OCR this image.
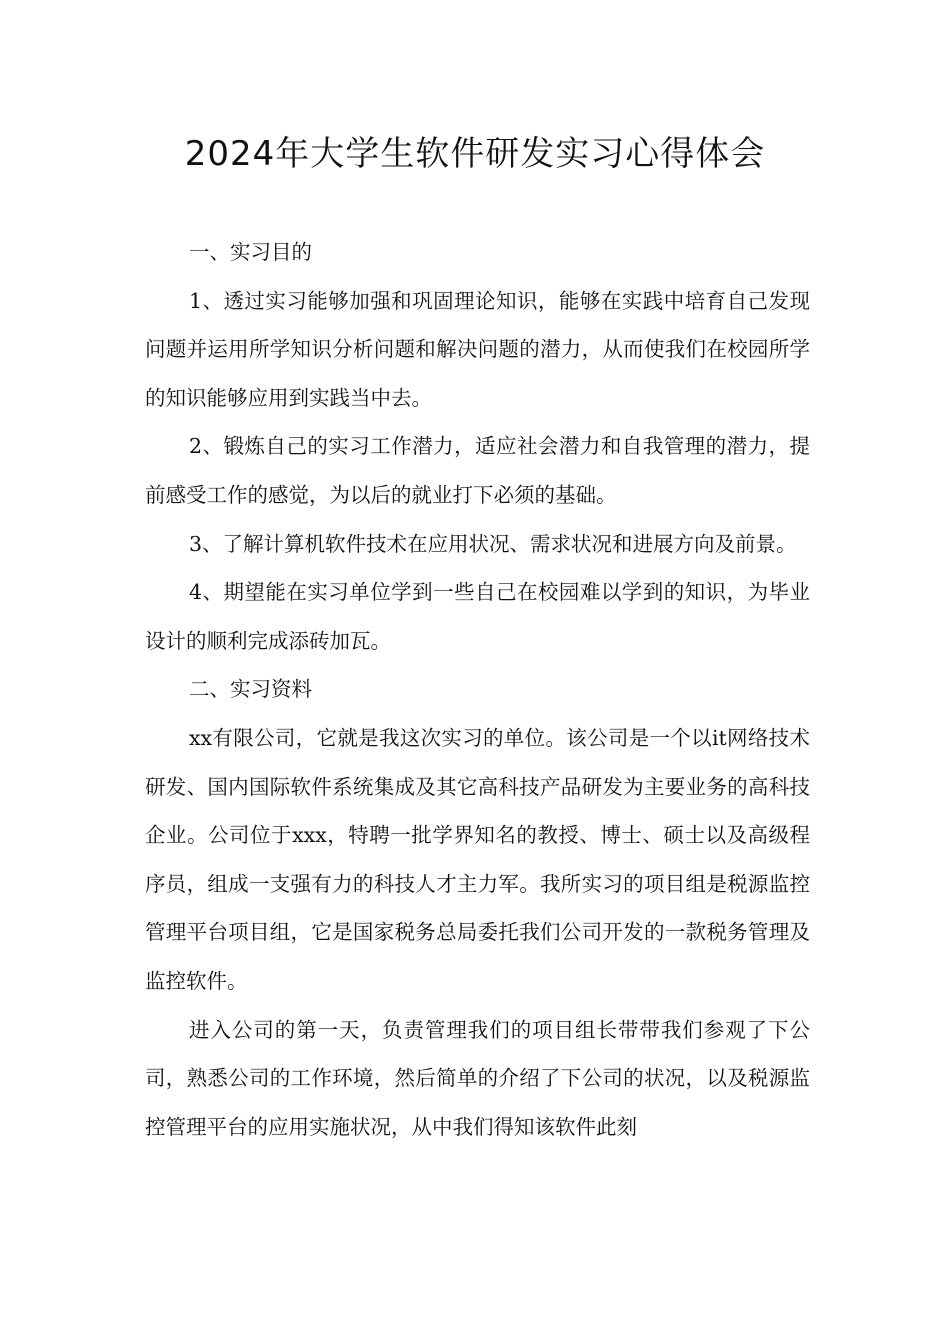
2024年大学生软件研发实习心得体会

一、实习目的

1、透过实习能够加强和巩固理论知识，能够在实践中培育自己发现问题并运用所学知识分析问题和解决问题的潜力，从而使我们在校园所学的知识能够应用到实践当中去。

2、锻炼自己的实习工作潜力，适应社会潜力和自我管理的潜力，提前感受工作的感觉，为以后的就业打下必须的基础。

3、了解计算机软件技术在应用状况、需求状况和进展方向及前景。

4、期望能在实习单位学到一些自己在校园难以学到的知识，为毕业设计的顺利完成添砖加瓦。

二、实习资料

xx有限公司，它就是我这次实习的单位。该公司是一个以it网络技术研发、国内国际软件系统集成及其它高科技产品研发为主要业务的高科技企业。公司位于xxx，特聘一批学界知名的教授、博士、硕士以及高级程序员，组成一支强有力的科技人才主力军。我所实习的项目组是税源监控管理平台项目组，它是国家税务总局委托我们公司开发的一款税务管理及监控软件。

进入公司的第一天，负责管理我们的项目组长带带我们参观了下公司，熟悉公司的工作环境，然后简单的介绍了下公司的状况，以及税源监控管理平台的应用实施状况，从中我们得知该软件此刻
